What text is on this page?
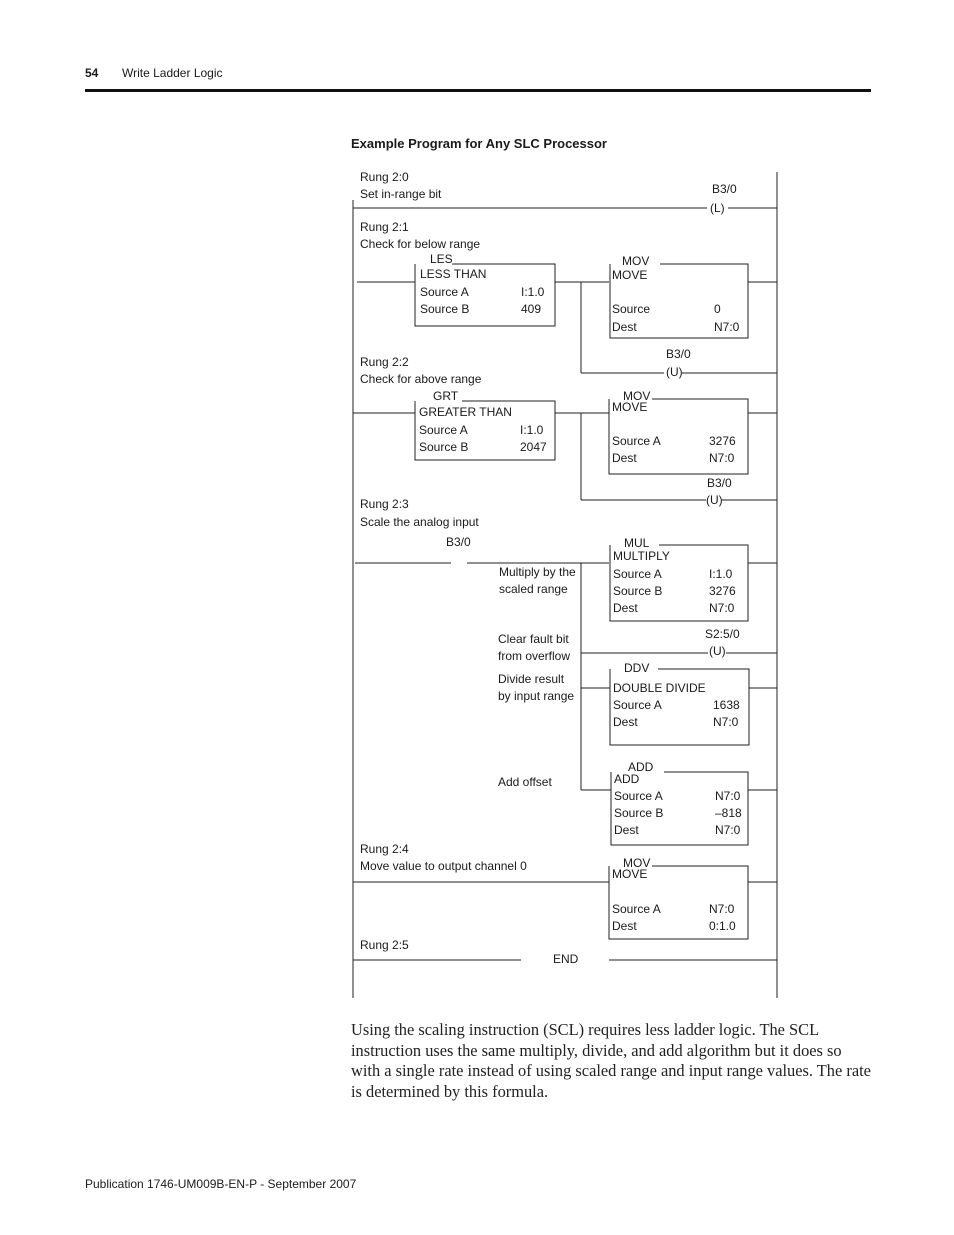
54 Write Ladder Logic
Example Program for Any SLC Processor
Rung 2:0
Set in-range bit	B3/0
(L)
Rung 2:1
Check for below range
LES
LESS THAN
Source A	I:1.0
Source B	409
MOV
MOVE
Source	0
Dest	N7:0
B3/0
(U)
Rung 2:2
Check for above range
GRT
GREATER THAN
Source A	I:1.0
Source B	2047
MOV
MOVE
Source A	3276
Dest	N7:0
B3/0
(U)
Rung 2:3
Scale the analog input
B3/0
Multiply by the
scaled range
MUL
MULTIPLY
Source A	I:1.0
Source B	3276
Dest	N7:0
Clear fault bit
from overflow
S2:5/0
(U)
Divide result
by input range
DDV
DOUBLE DIVIDE
Source A	1638
Dest	N7:0
Add offset
ADD
ADD
Source A	N7:0
Source B	–818
Dest	N7:0
Rung 2:4
Move value to output channel 0	MOV
MOVE
Source A	N7:0
Dest	0:1.0
Rung 2:5
END

Using the scaling instruction (SCL) requires less ladder logic. The SCL instruction uses the same multiply, divide, and add algorithm but it does so with a single rate instead of using scaled range and input range values. The rate is determined by this formula.

Publication 1746-UM009B-EN-P - September 2007
